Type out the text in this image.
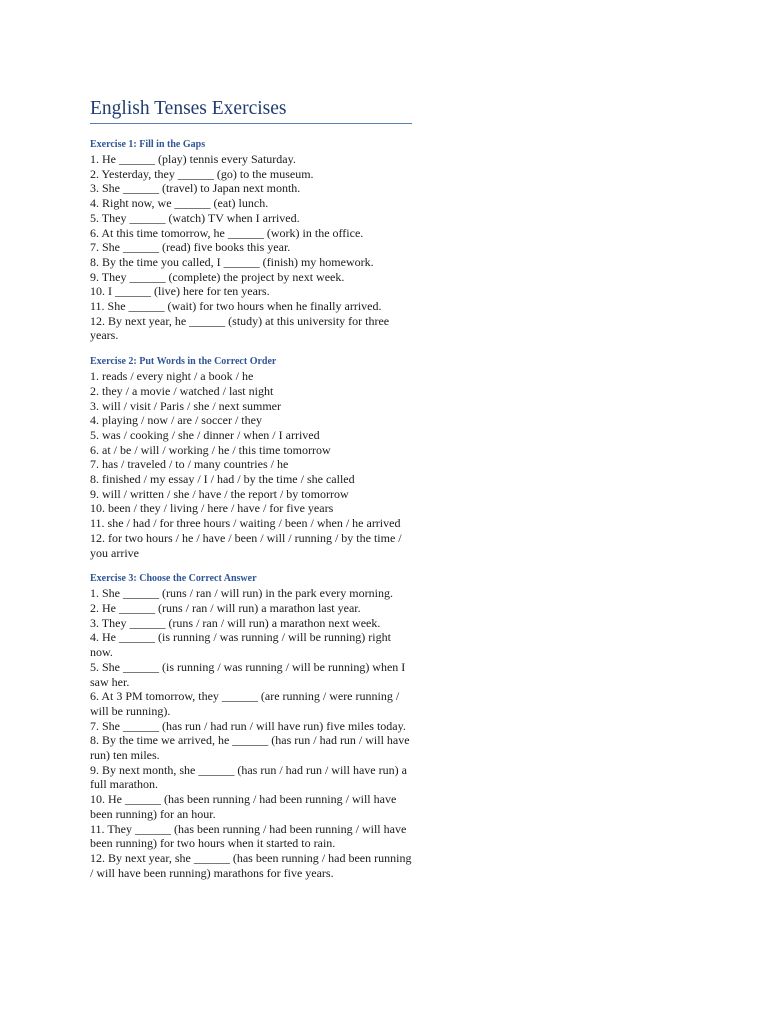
English Tenses Exercises
Exercise 1: Fill in the Gaps
1. He ______ (play) tennis every Saturday.
2. Yesterday, they ______ (go) to the museum.
3. She ______ (travel) to Japan next month.
4. Right now, we ______ (eat) lunch.
5. They ______ (watch) TV when I arrived.
6. At this time tomorrow, he ______ (work) in the office.
7. She ______ (read) five books this year.
8. By the time you called, I ______ (finish) my homework.
9. They ______ (complete) the project by next week.
10. I ______ (live) here for ten years.
11. She ______ (wait) for two hours when he finally arrived.
12. By next year, he ______ (study) at this university for three years.
Exercise 2: Put Words in the Correct Order
1. reads / every night / a book / he
2. they / a movie / watched / last night
3. will / visit / Paris / she / next summer
4. playing / now / are / soccer / they
5. was / cooking / she / dinner / when / I arrived
6. at / be / will / working / he / this time tomorrow
7. has / traveled / to / many countries / he
8. finished / my essay / I / had / by the time / she called
9. will / written / she / have / the report / by tomorrow
10. been / they / living / here / have / for five years
11. she / had / for three hours / waiting / been / when / he arrived
12. for two hours / he / have / been / will / running / by the time / you arrive
Exercise 3: Choose the Correct Answer
1. She ______ (runs / ran / will run) in the park every morning.
2. He ______ (runs / ran / will run) a marathon last year.
3. They ______ (runs / ran / will run) a marathon next week.
4. He ______ (is running / was running / will be running) right now.
5. She ______ (is running / was running / will be running) when I saw her.
6. At 3 PM tomorrow, they ______ (are running / were running / will be running).
7. She ______ (has run / had run / will have run) five miles today.
8. By the time we arrived, he ______ (has run / had run / will have run) ten miles.
9. By next month, she ______ (has run / had run / will have run) a full marathon.
10. He ______ (has been running / had been running / will have been running) for an hour.
11. They ______ (has been running / had been running / will have been running) for two hours when it started to rain.
12. By next year, she ______ (has been running / had been running / will have been running) marathons for five years.
